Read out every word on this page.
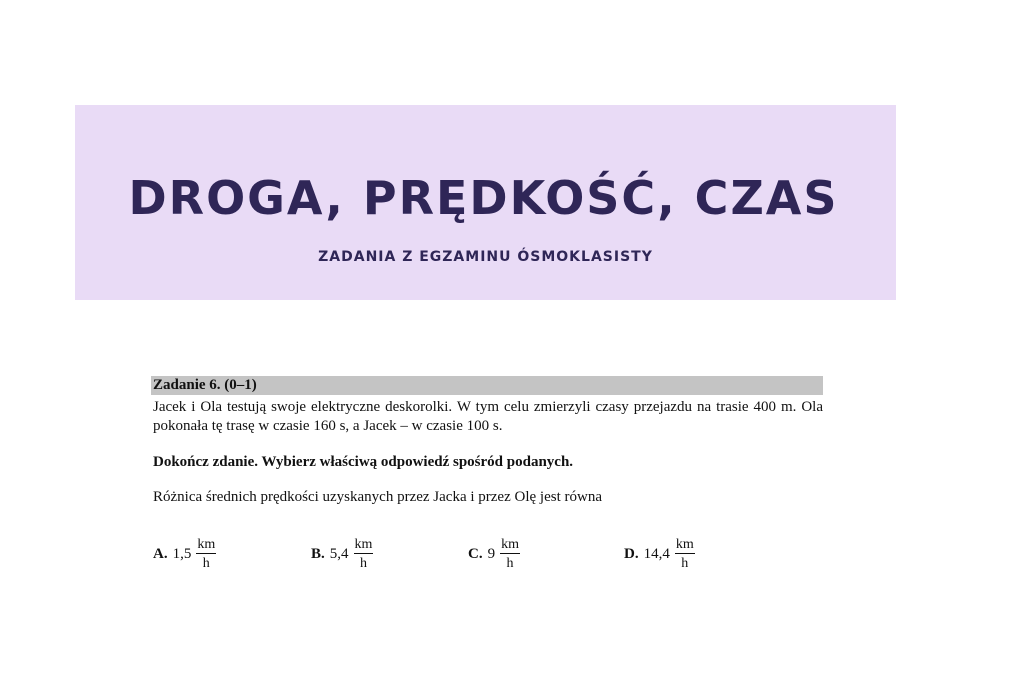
DROGA, PRĘDKOŚĆ, CZAS
ZADANIA Z EGZAMINU ÓSMOKLASISTY
Zadanie 6. (0–1)
Jacek i Ola testują swoje elektryczne deskorolki. W tym celu zmierzyli czasy przejazdu na trasie 400 m. Ola pokonała tę trasę w czasie 160 s, a Jacek – w czasie 100 s.
Dokończ zdanie. Wybierz właściwą odpowiedź spośród podanych.
Różnica średnich prędkości uzyskanych przez Jacka i przez Olę jest równa
A. $1,5 \frac{km}{h}$	B. $5,4 \frac{km}{h}$	C. $9 \frac{km}{h}$	D. $14,4 \frac{km}{h}$
